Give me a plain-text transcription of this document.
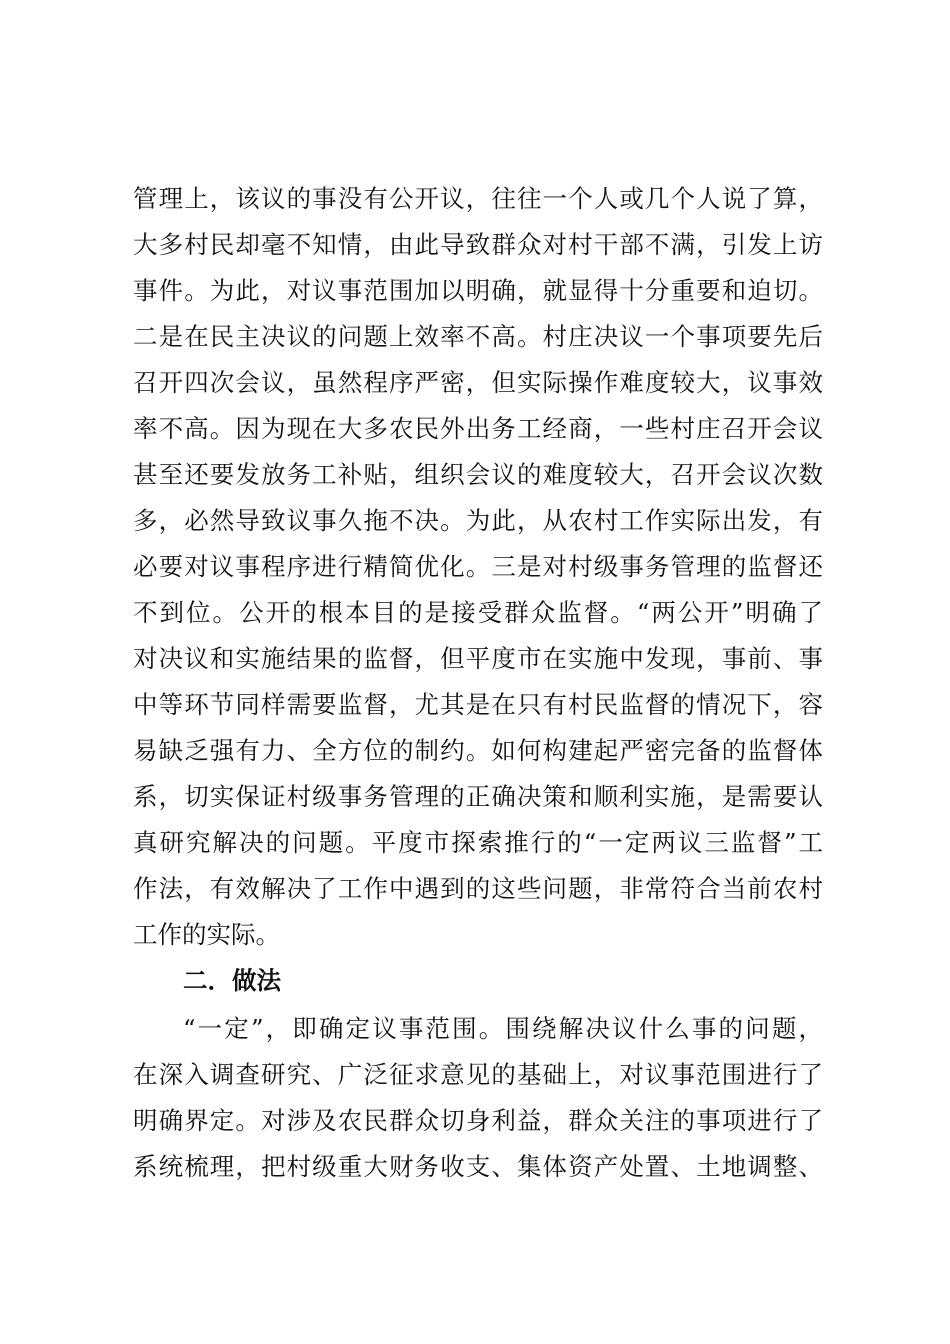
管理上，该议的事没有公开议，往往一个人或几个人说了算，
大多村民却毫不知情，由此导致群众对村干部不满，引发上访
事件。为此，对议事范围加以明确，就显得十分重要和迫切。
二是在民主决议的问题上效率不高。村庄决议一个事项要先后
召开四次会议，虽然程序严密，但实际操作难度较大，议事效
率不高。因为现在大多农民外出务工经商，一些村庄召开会议
甚至还要发放务工补贴，组织会议的难度较大，召开会议次数
多，必然导致议事久拖不决。为此，从农村工作实际出发，有
必要对议事程序进行精简优化。三是对村级事务管理的监督还
不到位。公开的根本目的是接受群众监督。“两公开”明确了
对决议和实施结果的监督，但平度市在实施中发现，事前、事
中等环节同样需要监督，尤其是在只有村民监督的情况下，容
易缺乏强有力、全方位的制约。如何构建起严密完备的监督体
系，切实保证村级事务管理的正确决策和顺利实施，是需要认
真研究解决的问题。平度市探索推行的“一定两议三监督”工
作法，有效解决了工作中遇到的这些问题，非常符合当前农村
工作的实际。
二．做法
“一定”，即确定议事范围。围绕解决议什么事的问题，
在深入调查研究、广泛征求意见的基础上，对议事范围进行了
明确界定。对涉及农民群众切身利益，群众关注的事项进行了
系统梳理，把村级重大财务收支、集体资产处置、土地调整、
